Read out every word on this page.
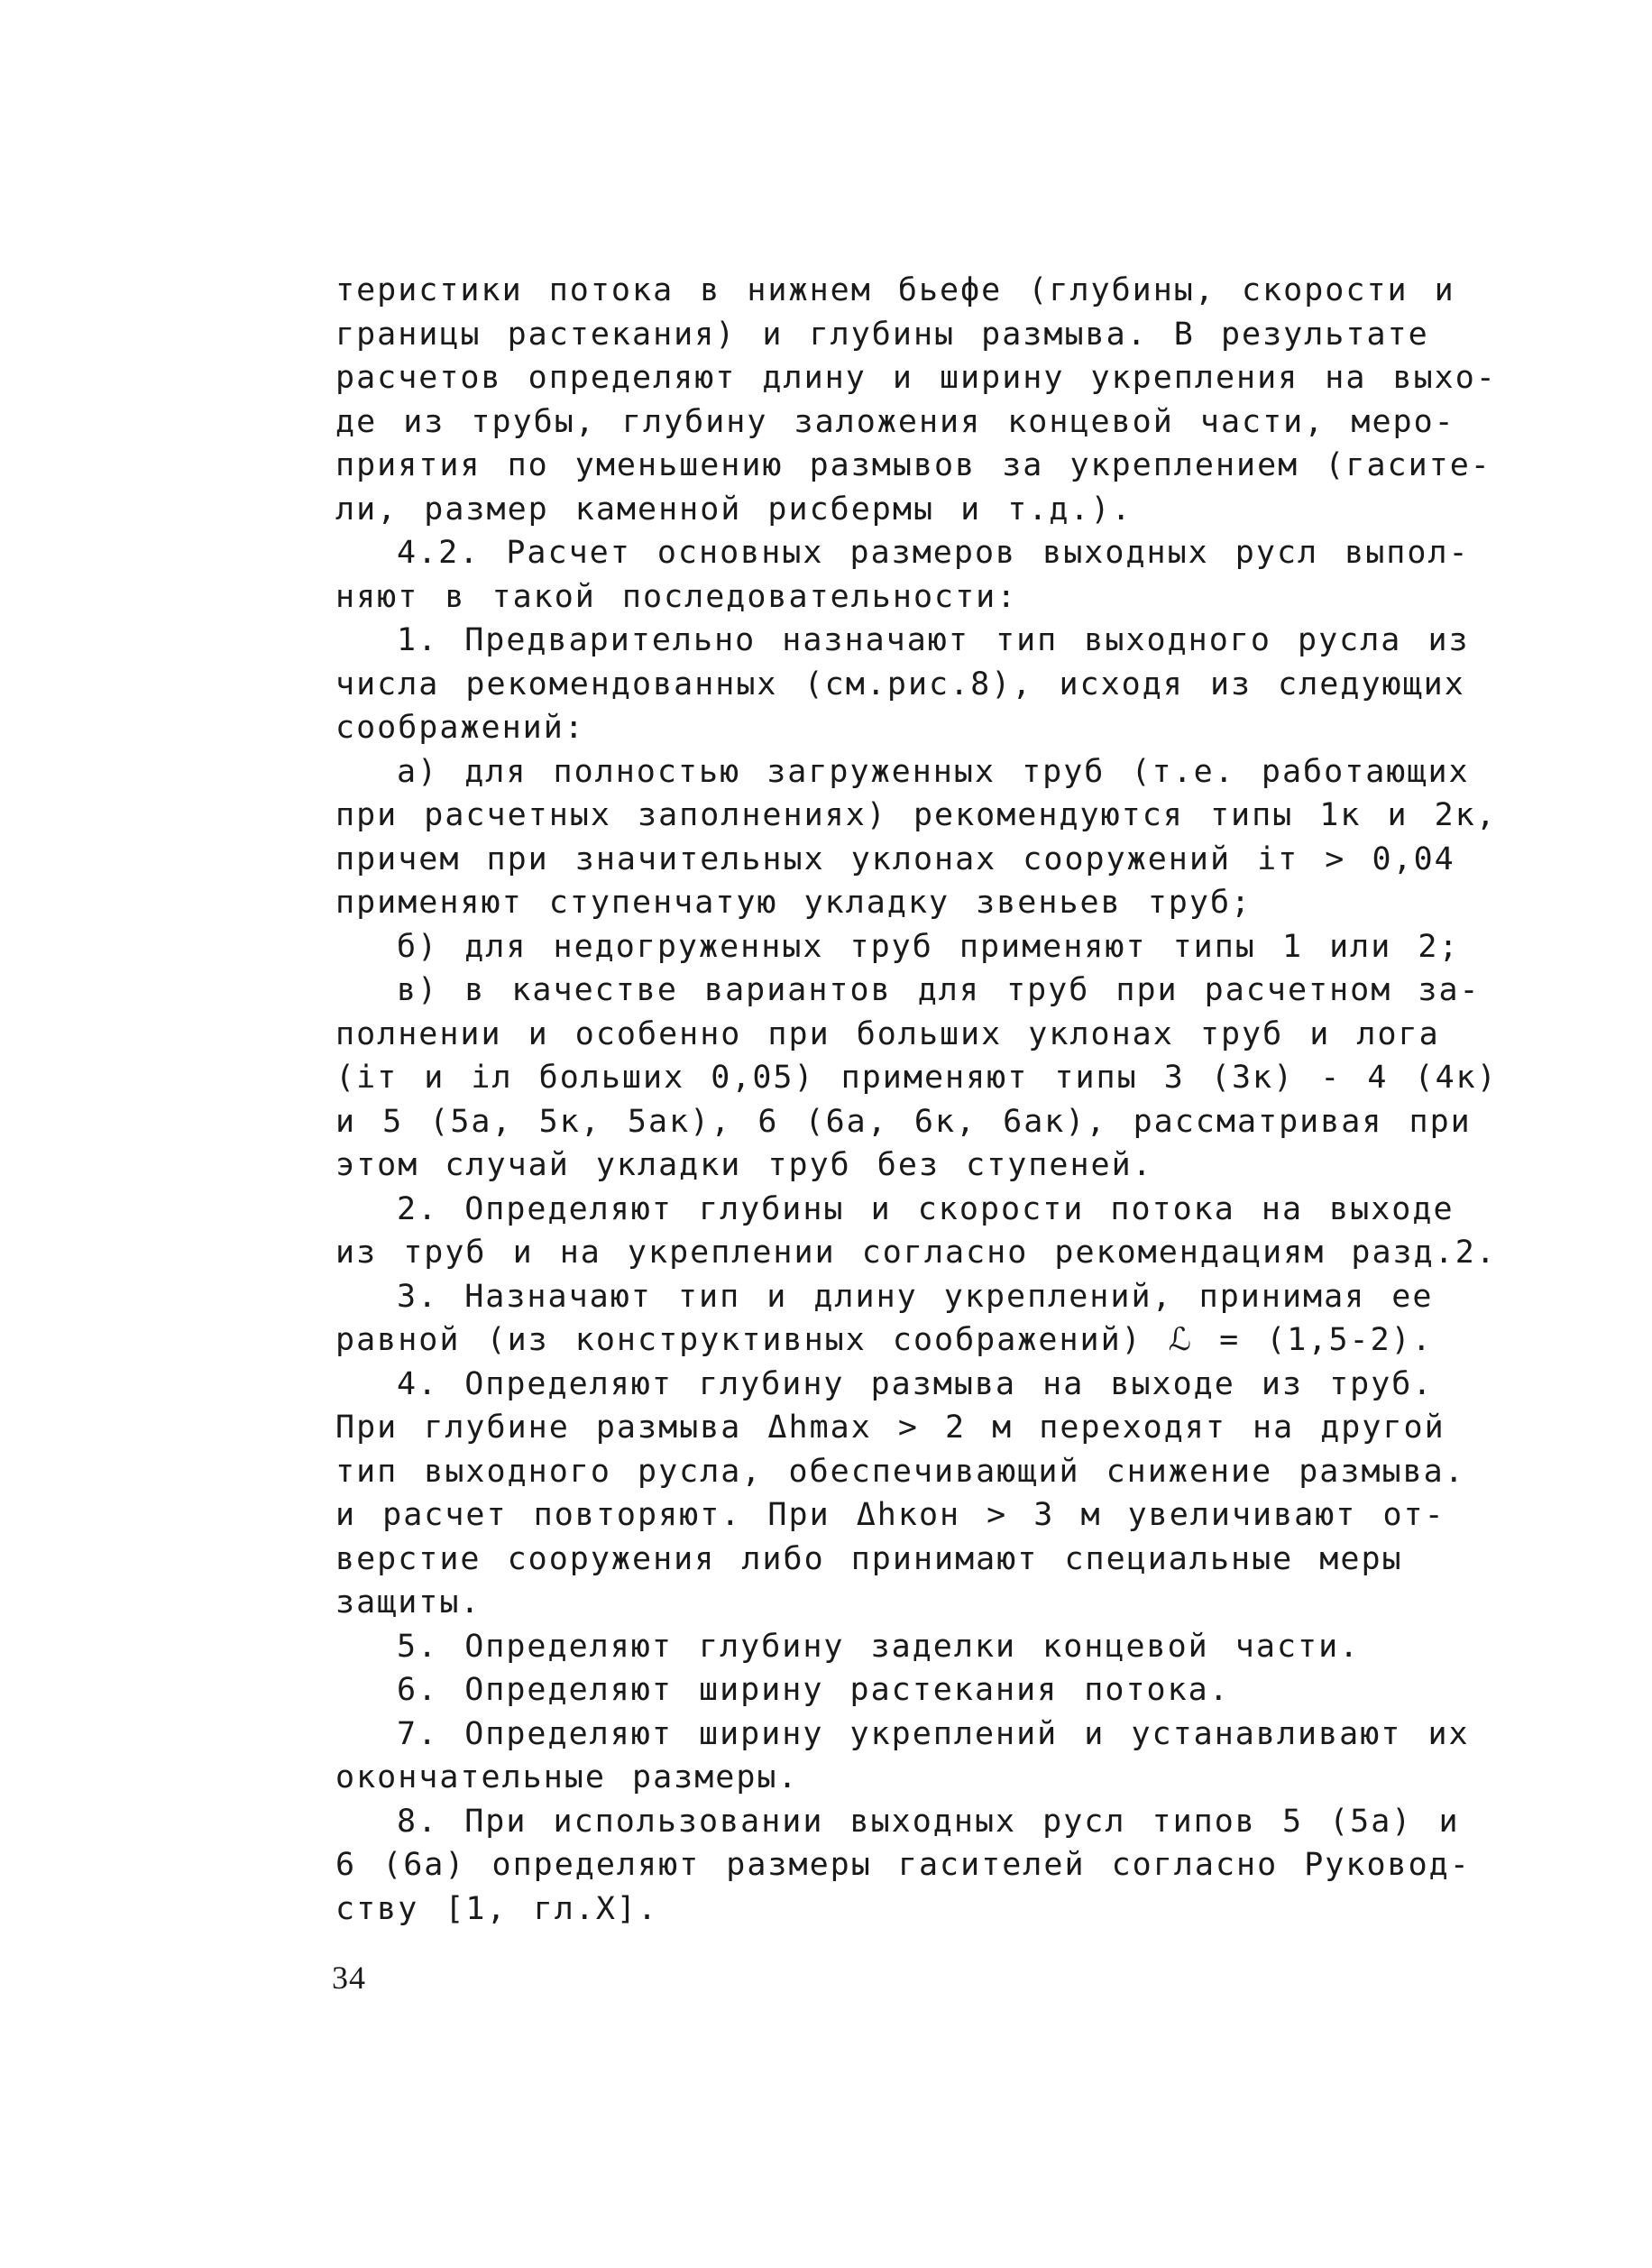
теристики потока в нижнем бьефе (глубины, скорости и
границы растекания) и глубины размыва. В результате
расчетов определяют длину и ширину укрепления на выхо-
де из трубы, глубину заложения концевой части, меро-
приятия по уменьшению размывов за укреплением (гасите-
ли, размер каменной рисбермы и т.д.).
4.2. Расчет основных размеров выходных русл выпол-
няют в такой последовательности:
1. Предварительно назначают тип выходного русла из
числа рекомендованных (см.рис.8), исходя из следующих
соображений:
а) для полностью загруженных труб (т.е. работающих
при расчетных заполнениях) рекомендуются типы 1к и 2к,
причем при значительных уклонах сооружений iт > 0,04
применяют ступенчатую укладку звеньев труб;
б) для недогруженных труб применяют типы 1 или 2;
в) в качестве вариантов для труб при расчетном за-
полнении и особенно при больших уклонах труб и лога
(iт и iл больших 0,05) применяют типы 3 (3к) - 4 (4к)
и 5 (5а, 5к, 5ак), 6 (6а, 6к, 6ак), рассматривая при
этом случай укладки труб без ступеней.
2. Определяют глубины и скорости потока на выходе
из труб и на укреплении согласно рекомендациям разд.2.
3. Назначают тип и длину укреплений, принимая ее
равной (из конструктивных соображений) ℒ = (1,5-2).
4. Определяют глубину размыва на выходе из труб.
При глубине размыва Δhmax > 2 м переходят на другой
тип выходного русла, обеспечивающий снижение размыва.
и расчет повторяют. При Δhкон > 3 м увеличивают от-
верстие сооружения либо принимают специальные меры
защиты.
5. Определяют глубину заделки концевой части.
6. Определяют ширину растекания потока.
7. Определяют ширину укреплений и устанавливают их
окончательные размеры.
8. При использовании выходных русл типов 5 (5а) и
6 (6а) определяют размеры гасителей согласно Руковод-
ству [1, гл.X].
34
